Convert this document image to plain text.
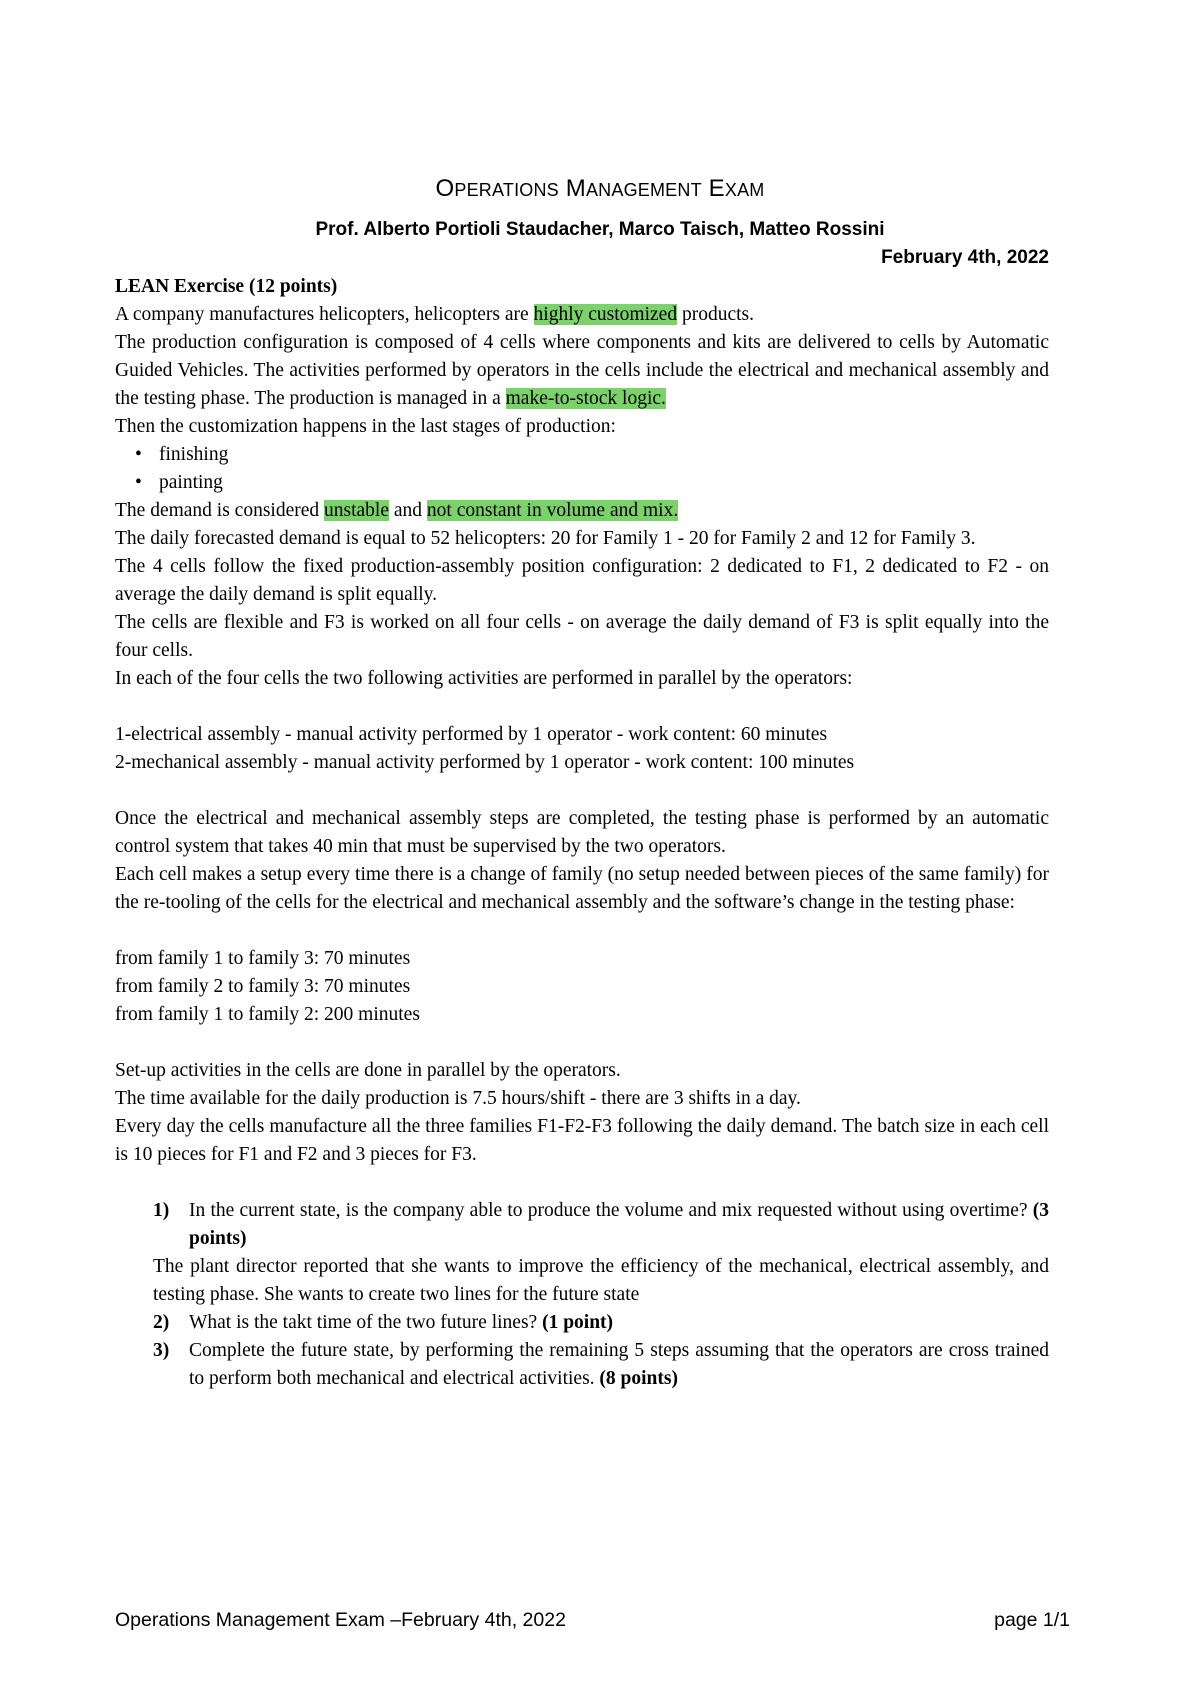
OPERATIONS MANAGEMENT EXAM
Prof. Alberto Portioli Staudacher, Marco Taisch, Matteo Rossini
February 4th, 2022

LEAN Exercise (12 points)

A company manufactures helicopters, helicopters are highly customized products.

The production configuration is composed of 4 cells where components and kits are delivered to cells by Automatic Guided Vehicles. The activities performed by operators in the cells include the electrical and mechanical assembly and the testing phase. The production is managed in a make-to-stock logic.

Then the customization happens in the last stages of production:

• finishing
• painting

The demand is considered unstable and not constant in volume and mix.

The daily forecasted demand is equal to 52 helicopters: 20 for Family 1 - 20 for Family 2 and 12 for Family 3.

The 4 cells follow the fixed production-assembly position configuration: 2 dedicated to F1, 2 dedicated to F2 - on average the daily demand is split equally.

The cells are flexible and F3 is worked on all four cells - on average the daily demand of F3 is split equally into the four cells.

In each of the four cells the two following activities are performed in parallel by the operators:

1-electrical assembly - manual activity performed by 1 operator - work content: 60 minutes

2-mechanical assembly - manual activity performed by 1 operator - work content: 100 minutes

Once the electrical and mechanical assembly steps are completed, the testing phase is performed by an automatic control system that takes 40 min that must be supervised by the two operators.

Each cell makes a setup every time there is a change of family (no setup needed between pieces of the same family) for the re-tooling of the cells for the electrical and mechanical assembly and the software’s change in the testing phase:

from family 1 to family 3: 70 minutes

from family 2 to family 3: 70 minutes

from family 1 to family 2: 200 minutes

Set-up activities in the cells are done in parallel by the operators.

The time available for the daily production is 7.5 hours/shift - there are 3 shifts in a day.

Every day the cells manufacture all the three families F1-F2-F3 following the daily demand. The batch size in each cell is 10 pieces for F1 and F2 and 3 pieces for F3.

1) In the current state, is the company able to produce the volume and mix requested without using overtime? (3 points)

The plant director reported that she wants to improve the efficiency of the mechanical, electrical assembly, and testing phase. She wants to create two lines for the future state

2) What is the takt time of the two future lines? (1 point)
3) Complete the future state, by performing the remaining 5 steps assuming that the operators are cross trained to perform both mechanical and electrical activities. (8 points)
Operations Management Exam –February 4th, 2022	page 1/1
